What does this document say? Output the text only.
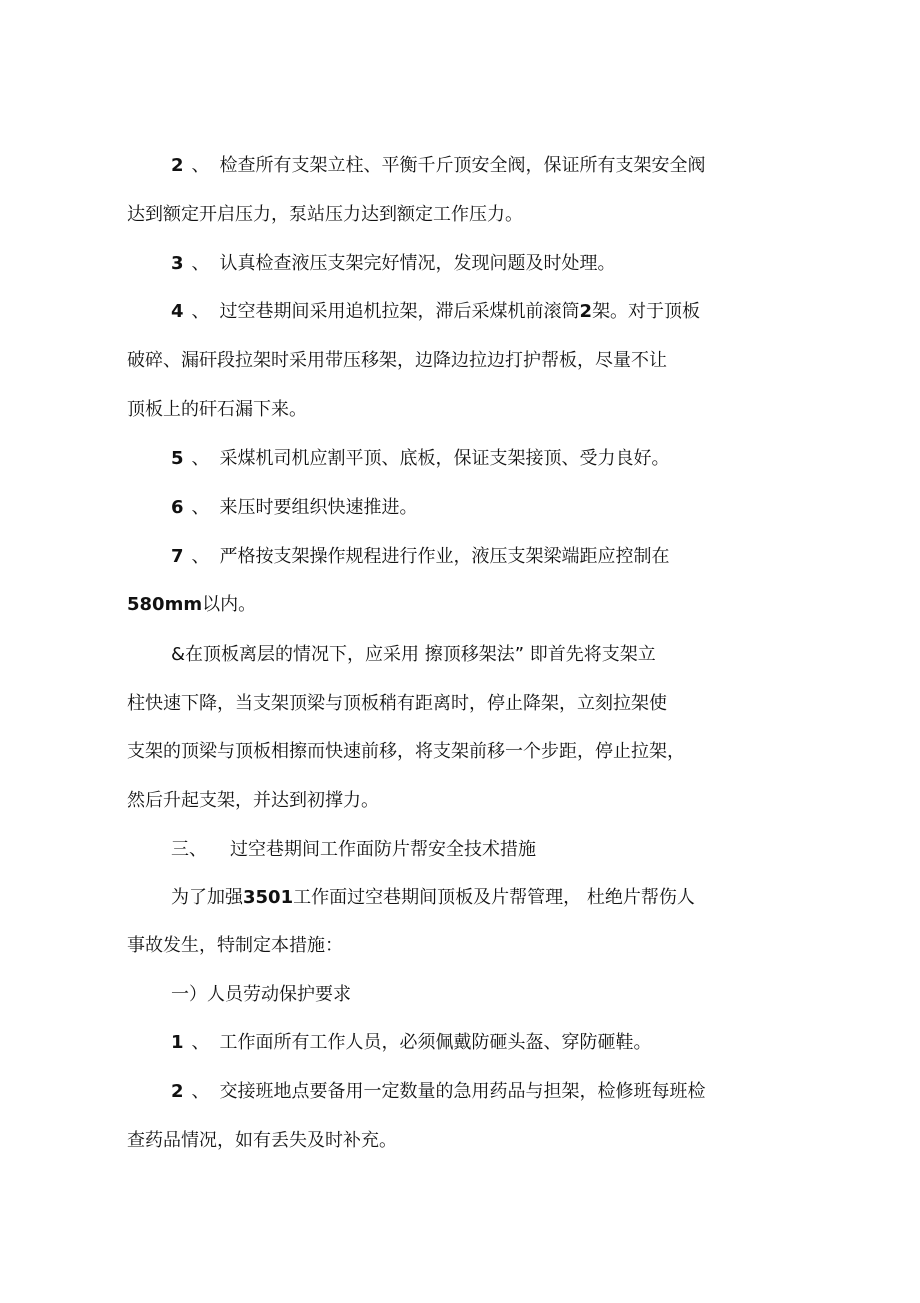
2 、 检查所有支架立柱、平衡千斤顶安全阀，保证所有支架安全阀
达到额定开启压力，泵站压力达到额定工作压力。
3 、 认真检查液压支架完好情况，发现问题及时处理。
4 、 过空巷期间采用追机拉架，滞后采煤机前滚筒2架。对于顶板
破碎、漏矸段拉架时采用带压移架，边降边拉边打护帮板，尽量不让
顶板上的矸石漏下来。
5 、 采煤机司机应割平顶、底板，保证支架接顶、受力良好。
6 、 来压时要组织快速推进。
7 、 严格按支架操作规程进行作业，液压支架梁端距应控制在
580mm以内。
&在顶板离层的情况下，应采用 擦顶移架法” 即首先将支架立
柱快速下降，当支架顶梁与顶板稍有距离时，停止降架，立刻拉架使
支架的顶梁与顶板相擦而快速前移，将支架前移一个步距，停止拉架，
然后升起支架，并达到初撑力。
三、 过空巷期间工作面防片帮安全技术措施
为了加强3501工作面过空巷期间顶板及片帮管理， 杜绝片帮伤人
事故发生，特制定本措施：
一）人员劳动保护要求
1 、 工作面所有工作人员，必须佩戴防砸头盔、穿防砸鞋。
2 、 交接班地点要备用一定数量的急用药品与担架，检修班每班检
查药品情况，如有丢失及时补充。
